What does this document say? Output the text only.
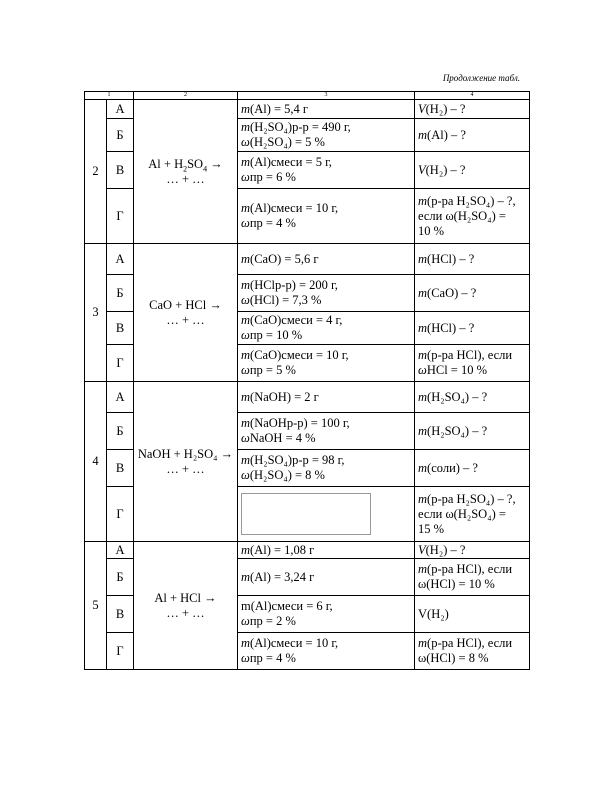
Продолжение табл.
1		2	3	4
2	А	$Al + H_2SO_4$ →
… + …	m(Al) = 5,4 г	V(H₂) – ?
	Б		m(H₂SO₄)р-р = 490 г,
ω(H₂SO₄) = 5 %	m(Al) – ?
	В		m(Al)смеси = 5 г,
ωпр = 6 %	V(H₂) – ?
	Г		m(Al)смеси = 10 г,
ωпр = 4 %	m(р-ра H₂SO₄) – ?,
если ω(H₂SO₄) =
10 %
3	А	CaO + HCl →
… + …	m(CaO) = 5,6 г	m(HCl) – ?
	Б		m(HClр-р) = 200 г,
ω(HCl) = 7,3 %	m(CaO) – ?
	В		m(CaO)смеси = 4 г,
ωпр = 10 %	m(HCl) – ?
	Г		m(CaO)смеси = 10 г,
ωпр = 5 %	m(р-ра HCl), если
ωHCl = 10 %
4	А	NaOH + H₂SO₄ →
… + …	m(NaOH) = 2 г	m(H₂SO₄) – ?
	Б		m(NaOHр-р) = 100 г,
ωNaOH = 4 %	m(H₂SO₄) – ?
	В		m(H₂SO₄)р-р = 98 г,
ω(H₂SO₄) = 8 %	m(соли) – ?
	Г			m(р-ра H₂SO₄) – ?,
если ω(H₂SO₄) =
15 %
5	А	Al + HCl →
… + …	m(Al) = 1,08 г	V(H₂) – ?
	Б		m(Al) = 3,24 г	m(р-ра HCl), если
ω(HCl) = 10 %
	В		m(Al)смеси = 6 г,
ωпр = 2 %	V(H₂)
	Г		m(Al)смеси = 10 г,
ωпр = 4 %	m(р-ра HCl), если
ω(HCl) = 8 %
